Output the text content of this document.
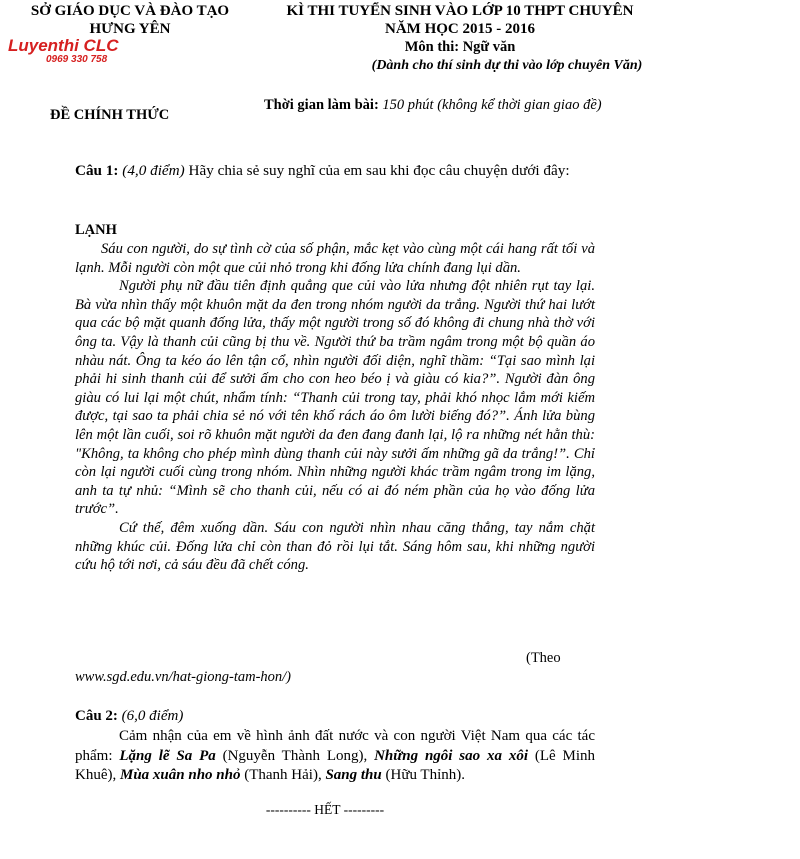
SỞ GIÁO DỤC VÀ ĐÀO TẠO
HƯNG YÊN
Luyenthi CLC
0969 330 758
ĐỀ CHÍNH THỨC
KÌ THI TUYỂN SINH VÀO LỚP 10 THPT CHUYÊN
NĂM HỌC 2015 - 2016
Môn thi: Ngữ văn
(Dành cho thí sinh dự thi vào lớp chuyên Văn)
Thời gian làm bài: 150 phút (không kể thời gian giao đề)
Câu 1: (4,0 điểm) Hãy chia sẻ suy nghĩ của em sau khi đọc câu chuyện dưới đây:
LẠNH

Sáu con người, do sự tình cờ của số phận, mắc kẹt vào cùng một cái hang rất tối và lạnh. Mỗi người còn một que củi nhỏ trong khi đống lửa chính đang lụi dần.

Người phụ nữ đầu tiên định quẳng que củi vào lửa nhưng đột nhiên rụt tay lại. Bà vừa nhìn thấy một khuôn mặt da đen trong nhóm người da trắng. Người thứ hai lướt qua các bộ mặt quanh đống lửa, thấy một người trong số đó không đi chung nhà thờ với ông ta. Vậy là thanh củi cũng bị thu về. Người thứ ba trầm ngâm trong một bộ quần áo nhàu nát. Ông ta kéo áo lên tận cổ, nhìn người đối diện, nghĩ thầm: “Tại sao mình lại phải hi sinh thanh củi để sưởi ấm cho con heo béo ị và giàu có kia?”. Người đàn ông giàu có lui lại một chút, nhẩm tính: “Thanh củi trong tay, phải khó nhọc lắm mới kiếm được, tại sao ta phải chia sẻ nó với tên khố rách áo ôm lười biếng đó?”. Ánh lửa bùng lên một lần cuối, soi rõ khuôn mặt người da đen đang đanh lại, lộ ra những nét hằn thù: "Không, ta không cho phép mình dùng thanh củi này sưởi ấm những gã da trắng!”. Chỉ còn lại người cuối cùng trong nhóm. Nhìn những người khác trầm ngâm trong im lặng, anh ta tự nhủ: “Mình sẽ cho thanh củi, nếu có ai đó ném phần của họ vào đống lửa trước”.

Cứ thế, đêm xuống dần. Sáu con người nhìn nhau căng thẳng, tay nắm chặt những khúc củi. Đống lửa chỉ còn than đỏ rồi lụi tắt. Sáng hôm sau, khi những người cứu hộ tới nơi, cả sáu đều đã chết cóng.

(Theo
www.sgd.edu.vn/hat-giong-tam-hon/)
Câu 2: (6,0 điểm)

Cảm nhận của em về hình ảnh đất nước và con người Việt Nam qua các tác phẩm: Lặng lẽ Sa Pa (Nguyễn Thành Long), Những ngôi sao xa xôi (Lê Minh Khuê), Mùa xuân nho nhỏ (Thanh Hải), Sang thu (Hữu Thỉnh).

---------- HẾT ---------
